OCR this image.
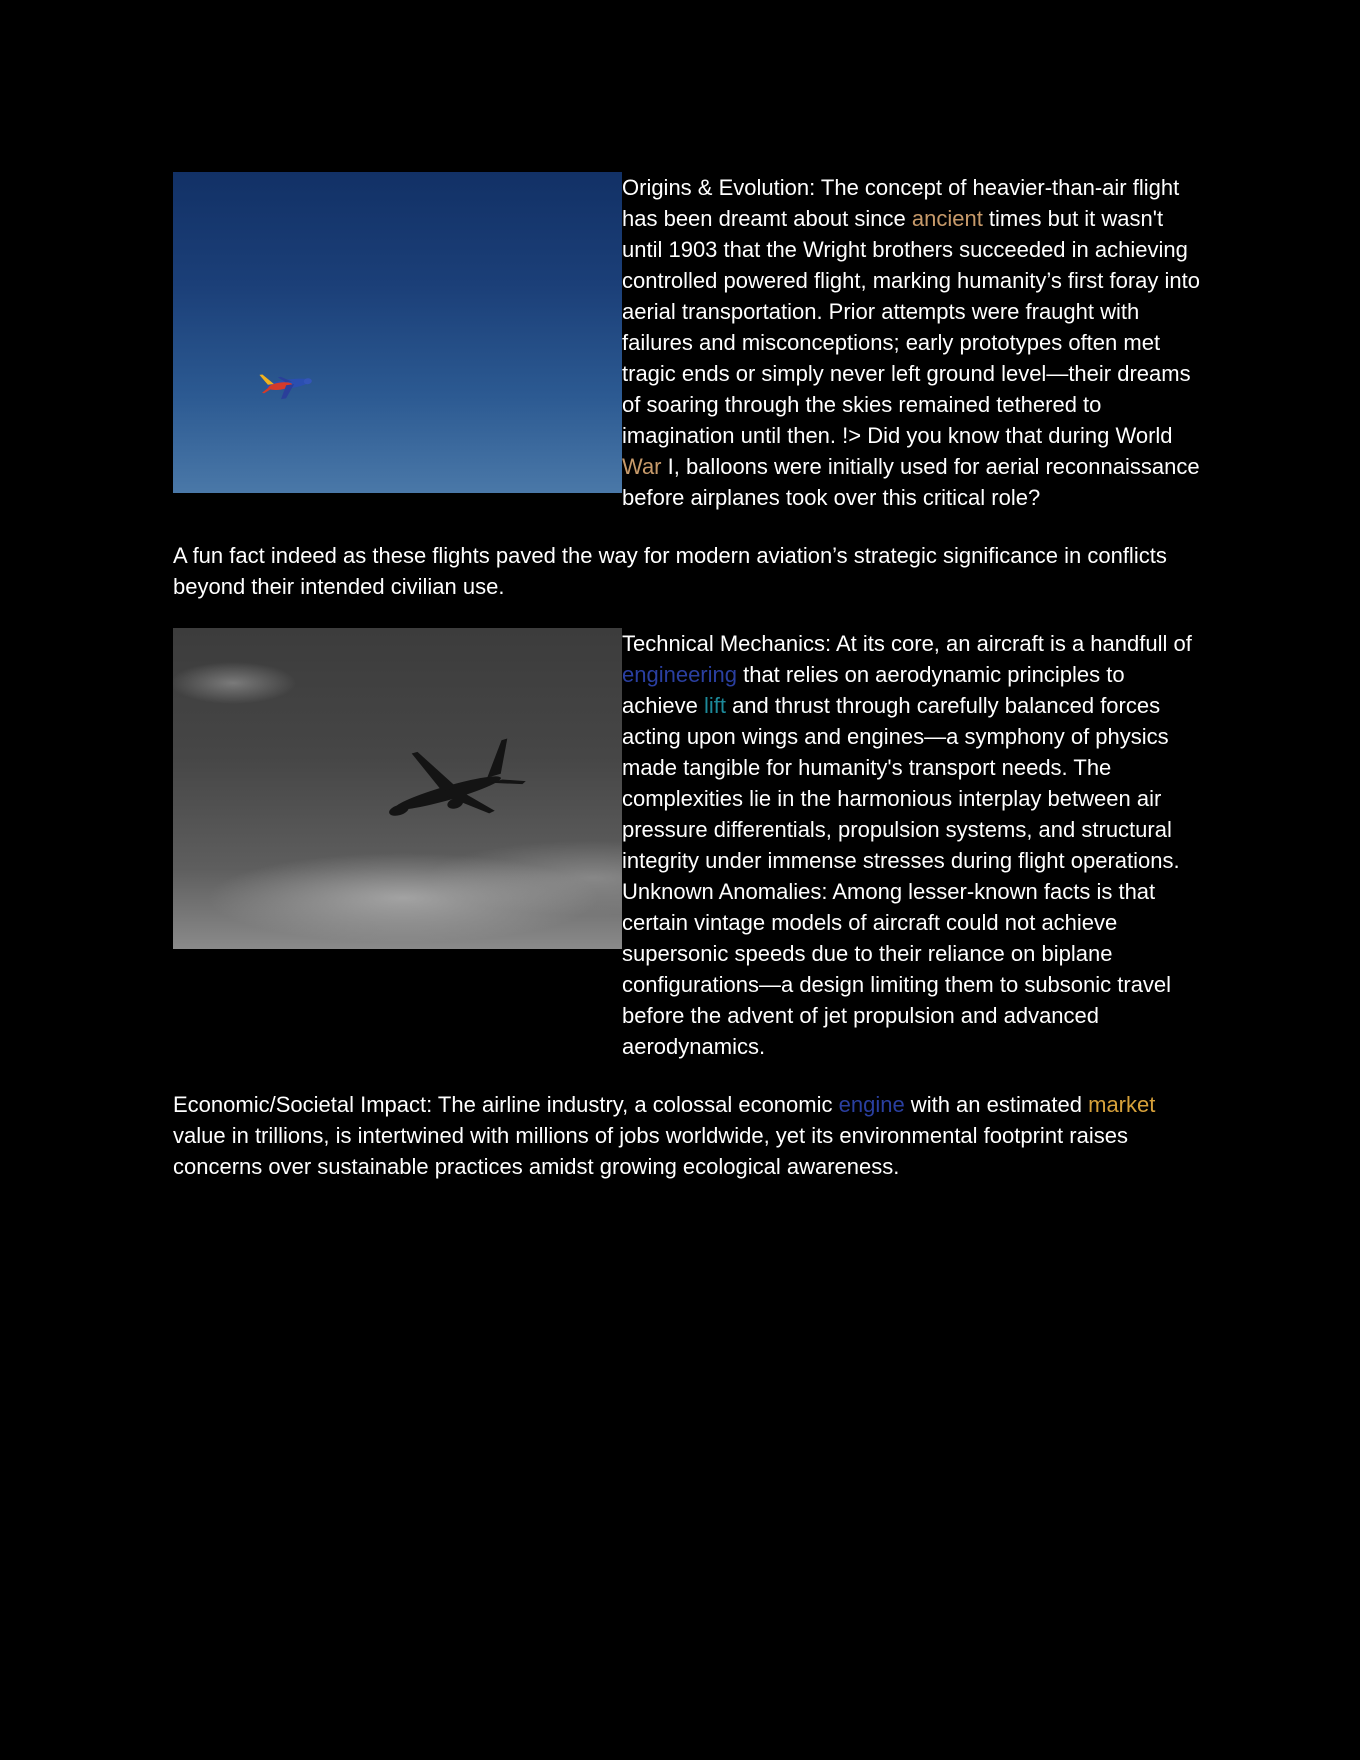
Origins & Evolution: The concept of heavier-than-air flight has been dreamt about since ancient times but it wasn't until 1903 that the Wright brothers succeeded in achieving controlled powered flight, marking humanity’s first foray into aerial transportation. Prior attempts were fraught with failures and misconceptions; early prototypes often met tragic ends or simply never left ground level—their dreams of soaring through the skies remained tethered to imagination until then. !> Did you know that during World War I, balloons were initially used for aerial reconnaissance before airplanes took over this critical role?

A fun fact indeed as these flights paved the way for modern aviation’s strategic significance in conflicts beyond their intended civilian use.

Technical Mechanics: At its core, an aircraft is a handfull of engineering that relies on aerodynamic principles to achieve lift and thrust through carefully balanced forces acting upon wings and engines—a symphony of physics made tangible for humanity's transport needs. The complexities lie in the harmonious interplay between air pressure differentials, propulsion systems, and structural integrity under immense stresses during flight operations. Unknown Anomalies: Among lesser-known facts is that certain vintage models of aircraft could not achieve supersonic speeds due to their reliance on biplane configurations—a design limiting them to subsonic travel before the advent of jet propulsion and advanced aerodynamics.

Economic/Societal Impact: The airline industry, a colossal economic engine with an estimated market value in trillions, is intertwined with millions of jobs worldwide, yet its environmental footprint raises concerns over sustainable practices amidst growing ecological awareness.
